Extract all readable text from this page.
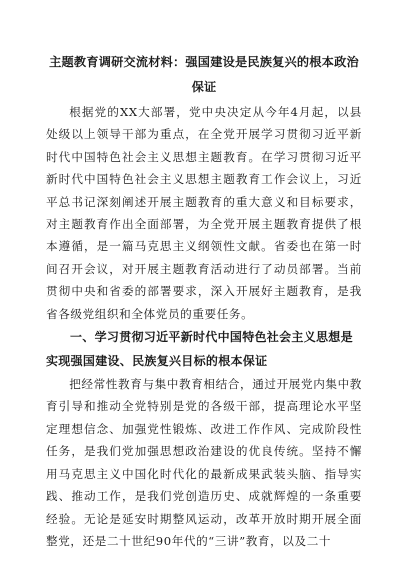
主题教育调研交流材料：强国建设是民族复兴的根本政治保证

根据党的XX大部署，党中央决定从今年4月起，以县处级以上领导干部为重点，在全党开展学习贯彻习近平新时代中国特色社会主义思想主题教育。在学习贯彻习近平新时代中国特色社会主义思想主题教育工作会议上，习近平总书记深刻阐述开展主题教育的重大意义和目标要求，对主题教育作出全面部署，为全党开展主题教育提供了根本遵循，是一篇马克思主义纲领性文献。省委也在第一时间召开会议，对开展主题教育活动进行了动员部署。当前贯彻中央和省委的部署要求，深入开展好主题教育，是我省各级党组织和全体党员的重要任务。

一、学习贯彻习近平新时代中国特色社会主义思想是实现强国建设、民族复兴目标的根本保证

把经常性教育与集中教育相结合，通过开展党内集中教育引导和推动全党特别是党的各级干部，提高理论水平坚定理想信念、加强党性锻炼、改进工作作风、完成阶段性任务，是我们党加强思想政治建设的优良传统。坚持不懈用马克思主义中国化时代化的最新成果武装头脑、指导实践、推动工作，是我们党创造历史、成就辉煌的一条重要经验。无论是延安时期整风运动，改革开放时期开展全面整党，还是二十世纪90年代的“三讲”教育，以及二十
